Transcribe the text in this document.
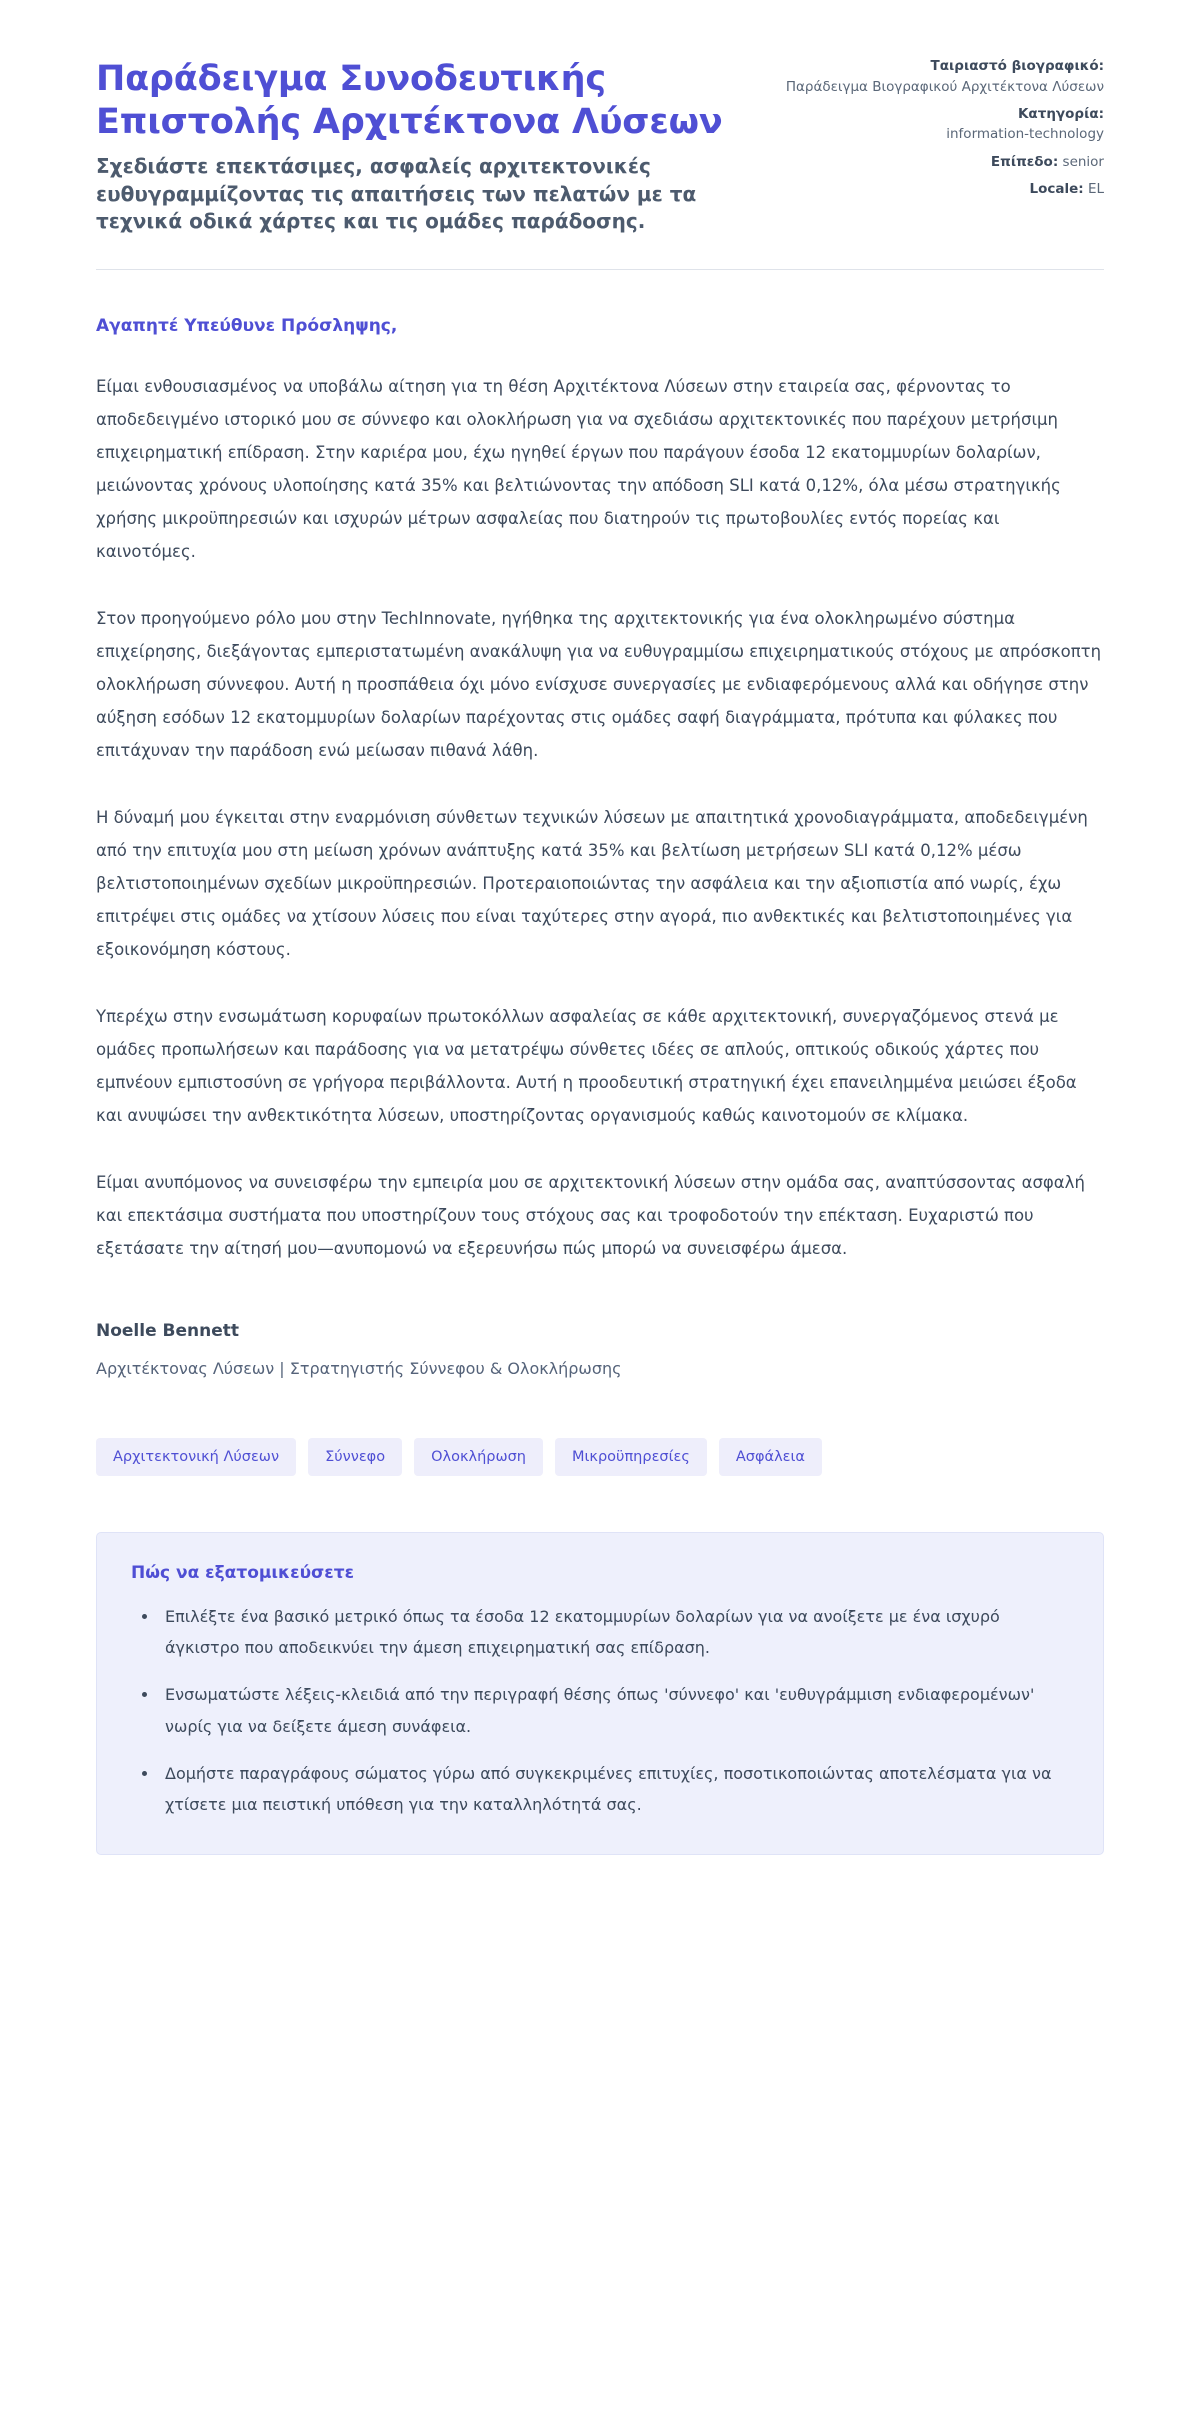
Παράδειγμα Συνοδευτικής Επιστολής Αρχιτέκτονα Λύσεων

Σχεδιάστε επεκτάσιμες, ασφαλείς αρχιτεκτονικές ευθυγραμμίζοντας τις απαιτήσεις των πελατών με τα τεχνικά οδικά χάρτες και τις ομάδες παράδοσης.

Ταιριαστό βιογραφικό:
Παράδειγμα Βιογραφικού Αρχιτέκτονα Λύσεων
Κατηγορία:
information-technology
Επίπεδο: senior
Locale: EL

Αγαπητέ Υπεύθυνε Πρόσληψης,

Είμαι ενθουσιασμένος να υποβάλω αίτηση για τη θέση Αρχιτέκτονα Λύσεων στην εταιρεία σας, φέρνοντας το αποδεδειγμένο ιστορικό μου σε σύννεφο και ολοκλήρωση για να σχεδιάσω αρχιτεκτονικές που παρέχουν μετρήσιμη επιχειρηματική επίδραση. Στην καριέρα μου, έχω ηγηθεί έργων που παράγουν έσοδα 12 εκατομμυρίων δολαρίων, μειώνοντας χρόνους υλοποίησης κατά 35% και βελτιώνοντας την απόδοση SLI κατά 0,12%, όλα μέσω στρατηγικής χρήσης μικροϋπηρεσιών και ισχυρών μέτρων ασφαλείας που διατηρούν τις πρωτοβουλίες εντός πορείας και καινοτόμες.

Στον προηγούμενο ρόλο μου στην TechInnovate, ηγήθηκα της αρχιτεκτονικής για ένα ολοκληρωμένο σύστημα επιχείρησης, διεξάγοντας εμπεριστατωμένη ανακάλυψη για να ευθυγραμμίσω επιχειρηματικούς στόχους με απρόσκοπτη ολοκλήρωση σύννεφου. Αυτή η προσπάθεια όχι μόνο ενίσχυσε συνεργασίες με ενδιαφερόμενους αλλά και οδήγησε στην αύξηση εσόδων 12 εκατομμυρίων δολαρίων παρέχοντας στις ομάδες σαφή διαγράμματα, πρότυπα και φύλακες που επιτάχυναν την παράδοση ενώ μείωσαν πιθανά λάθη.

Η δύναμή μου έγκειται στην εναρμόνιση σύνθετων τεχνικών λύσεων με απαιτητικά χρονοδιαγράμματα, αποδεδειγμένη από την επιτυχία μου στη μείωση χρόνων ανάπτυξης κατά 35% και βελτίωση μετρήσεων SLI κατά 0,12% μέσω βελτιστοποιημένων σχεδίων μικροϋπηρεσιών. Προτεραιοποιώντας την ασφάλεια και την αξιοπιστία από νωρίς, έχω επιτρέψει στις ομάδες να χτίσουν λύσεις που είναι ταχύτερες στην αγορά, πιο ανθεκτικές και βελτιστοποιημένες για εξοικονόμηση κόστους.

Υπερέχω στην ενσωμάτωση κορυφαίων πρωτοκόλλων ασφαλείας σε κάθε αρχιτεκτονική, συνεργαζόμενος στενά με ομάδες προπωλήσεων και παράδοσης για να μετατρέψω σύνθετες ιδέες σε απλούς, οπτικούς οδικούς χάρτες που εμπνέουν εμπιστοσύνη σε γρήγορα περιβάλλοντα. Αυτή η προοδευτική στρατηγική έχει επανειλημμένα μειώσει έξοδα και ανυψώσει την ανθεκτικότητα λύσεων, υποστηρίζοντας οργανισμούς καθώς καινοτομούν σε κλίμακα.

Είμαι ανυπόμονος να συνεισφέρω την εμπειρία μου σε αρχιτεκτονική λύσεων στην ομάδα σας, αναπτύσσοντας ασφαλή και επεκτάσιμα συστήματα που υποστηρίζουν τους στόχους σας και τροφοδοτούν την επέκταση. Ευχαριστώ που εξετάσατε την αίτησή μου—ανυπομονώ να εξερευνήσω πώς μπορώ να συνεισφέρω άμεσα.

Noelle Bennett

Αρχιτέκτονας Λύσεων | Στρατηγιστής Σύννεφου & Ολοκλήρωσης

Αρχιτεκτονική Λύσεων	Σύννεφο	Ολοκλήρωση	Μικροϋπηρεσίες	Ασφάλεια
Πώς να εξατομικεύσετε
• Επιλέξτε ένα βασικό μετρικό όπως τα έσοδα 12 εκατομμυρίων δολαρίων για να ανοίξετε με ένα ισχυρό άγκιστρο που αποδεικνύει την άμεση επιχειρηματική σας επίδραση.
• Ενσωματώστε λέξεις-κλειδιά από την περιγραφή θέσης όπως 'σύννεφο' και 'ευθυγράμμιση ενδιαφερομένων' νωρίς για να δείξετε άμεση συνάφεια.
• Δομήστε παραγράφους σώματος γύρω από συγκεκριμένες επιτυχίες, ποσοτικοποιώντας αποτελέσματα για να χτίσετε μια πειστική υπόθεση για την καταλληλότητά σας.
